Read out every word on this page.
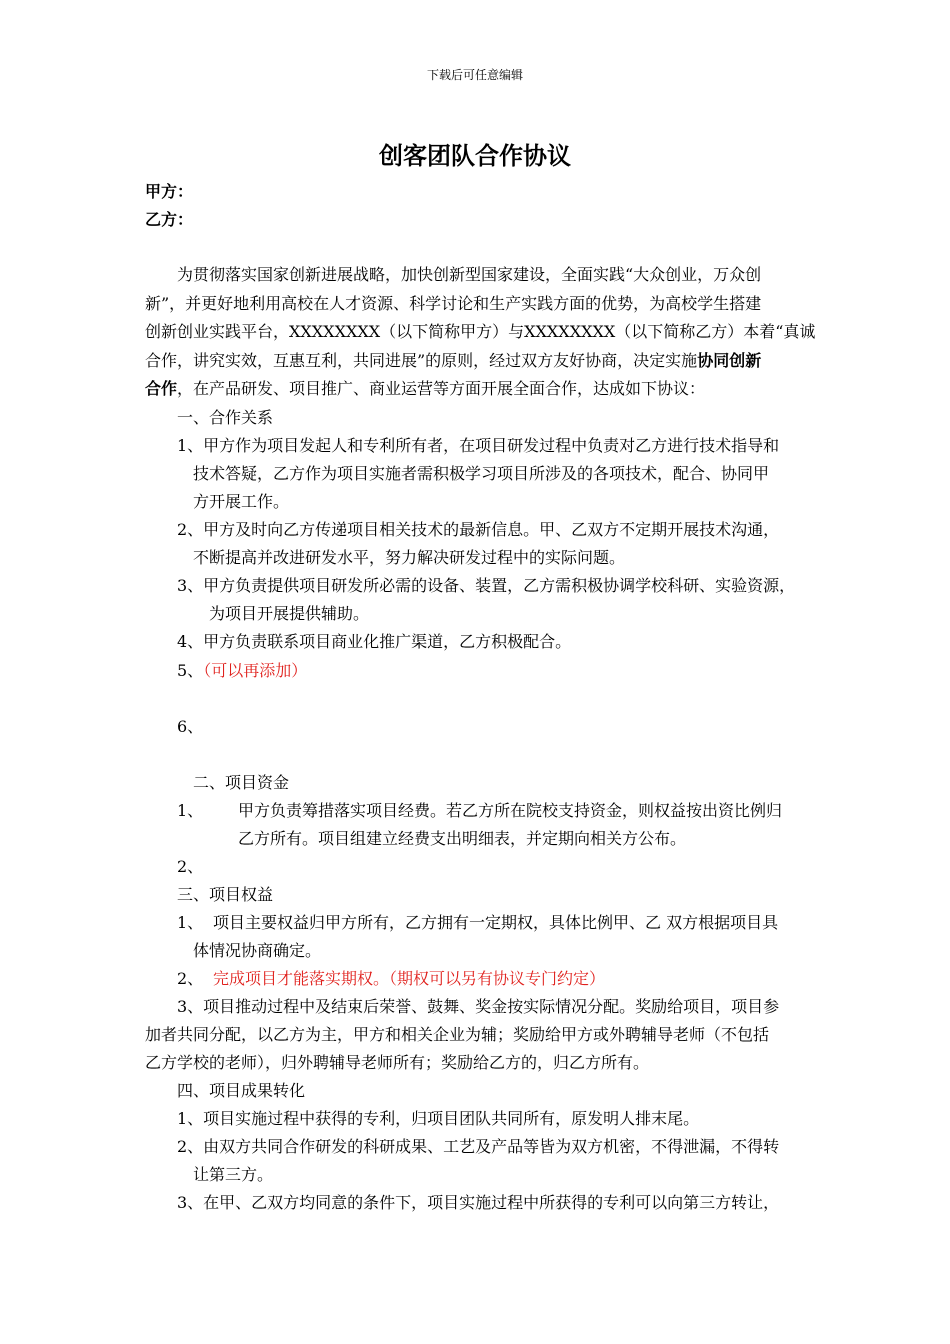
下载后可任意编辑
创客团队合作协议
甲方：
乙方：
为贯彻落实国家创新进展战略，加快创新型国家建设，全面实践“大众创业，万众创
新”，并更好地利用高校在人才资源、科学讨论和生产实践方面的优势，为高校学生搭建
创新创业实践平台，XXXXXXXX（以下简称甲方）与XXXXXXXX（以下简称乙方）本着“真诚
合作，讲究实效，互惠互利，共同进展”的原则，经过双方友好协商，决定实施协同创新
合作，在产品研发、项目推广、商业运营等方面开展全面合作，达成如下协议：
一、合作关系
1、甲方作为项目发起人和专利所有者，在项目研发过程中负责对乙方进行技术指导和
技术答疑，乙方作为项目实施者需积极学习项目所涉及的各项技术，配合、协同甲
方开展工作。
2、甲方及时向乙方传递项目相关技术的最新信息。甲、乙双方不定期开展技术沟通，
不断提高并改进研发水平，努力解决研发过程中的实际问题。
3、甲方负责提供项目研发所必需的设备、装置，乙方需积极协调学校科研、实验资源，
为项目开展提供辅助。
4、甲方负责联系项目商业化推广渠道，乙方积极配合。
5、（可以再添加）
6、
二、项目资金
1、 甲方负责筹措落实项目经费。若乙方所在院校支持资金，则权益按出资比例归
乙方所有。项目组建立经费支出明细表，并定期向相关方公布。
2、
三、项目权益
1、 项目主要权益归甲方所有，乙方拥有一定期权，具体比例甲、乙 双方根据项目具
体情况协商确定。
2、 完成项目才能落实期权。（期权可以另有协议专门约定）
3、项目推动过程中及结束后荣誉、鼓舞、奖金按实际情况分配。奖励给项目，项目参
加者共同分配，以乙方为主，甲方和相关企业为辅；奖励给甲方或外聘辅导老师（不包括
乙方学校的老师），归外聘辅导老师所有；奖励给乙方的，归乙方所有。
四、项目成果转化
1、项目实施过程中获得的专利，归项目团队共同所有，原发明人排末尾。
2、由双方共同合作研发的科研成果、工艺及产品等皆为双方机密，不得泄漏，不得转
让第三方。
3、在甲、乙双方均同意的条件下，项目实施过程中所获得的专利可以向第三方转让，
